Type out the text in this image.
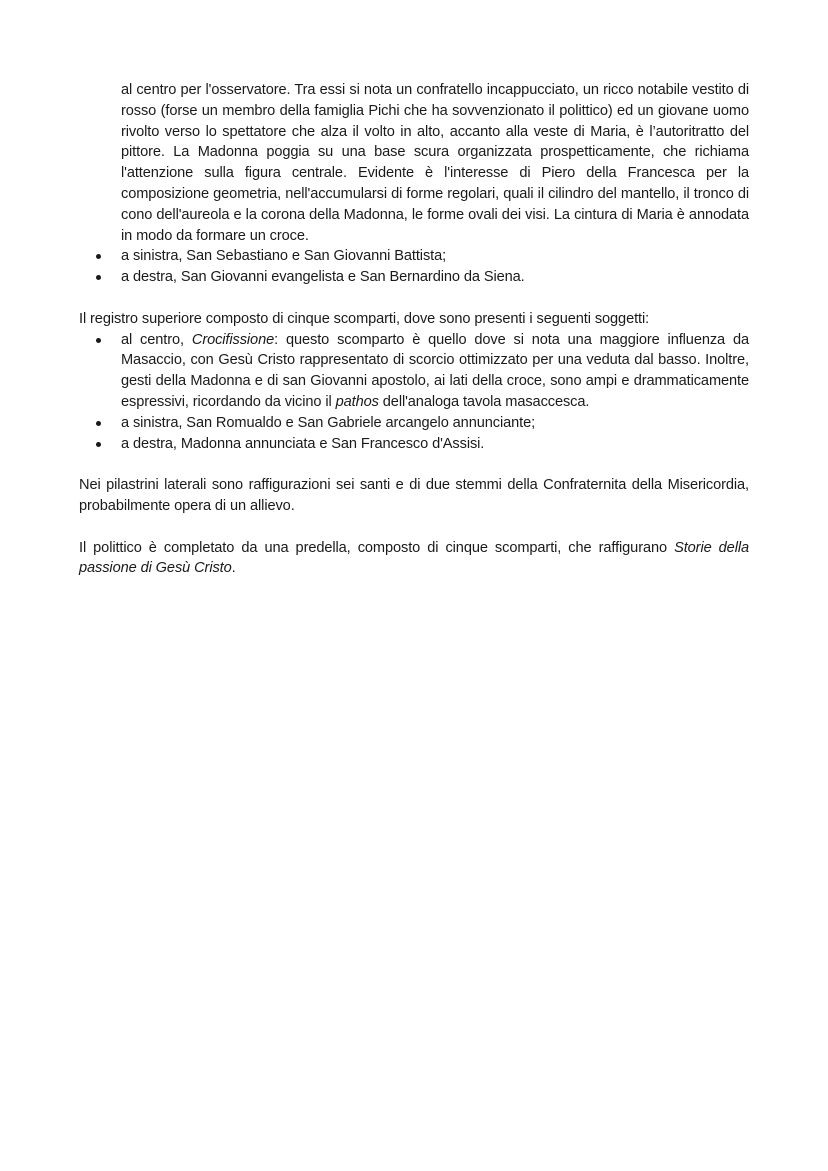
al centro per l'osservatore. Tra essi si nota un confratello incappucciato, un ricco notabile vestito di rosso (forse un membro della famiglia Pichi che ha sovvenzionato il polittico) ed un giovane uomo rivolto verso lo spettatore che alza il volto in alto, accanto alla veste di Maria, è l’autoritratto del pittore. La Madonna poggia su una base scura organizzata prospetticamente, che richiama l'attenzione sulla figura centrale. Evidente è l'interesse di Piero della Francesca per la composizione geometria, nell'accumularsi di forme regolari, quali il cilindro del mantello, il tronco di cono dell'aureola e la corona della Madonna, le forme ovali dei visi. La cintura di Maria è annodata in modo da formare un croce.

a sinistra, San Sebastiano e San Giovanni Battista;
a destra, San Giovanni evangelista e San Bernardino da Siena.

Il registro superiore composto di cinque scomparti, dove sono presenti i seguenti soggetti:

al centro, Crocifissione: questo scomparto è quello dove si nota una maggiore influenza da Masaccio, con Gesù Cristo rappresentato di scorcio ottimizzato per una veduta dal basso. Inoltre, gesti della Madonna e di san Giovanni apostolo, ai lati della croce, sono ampi e drammaticamente espressivi, ricordando da vicino il pathos dell'analoga tavola masaccesca.
a sinistra, San Romualdo e San Gabriele arcangelo annunciante;
a destra, Madonna annunciata e San Francesco d'Assisi.

Nei pilastrini laterali sono raffigurazioni sei santi e di due stemmi della Confraternita della Misericordia, probabilmente opera di un allievo.

Il polittico è completato da una predella, composto di cinque scomparti, che raffigurano Storie della passione di Gesù Cristo.
